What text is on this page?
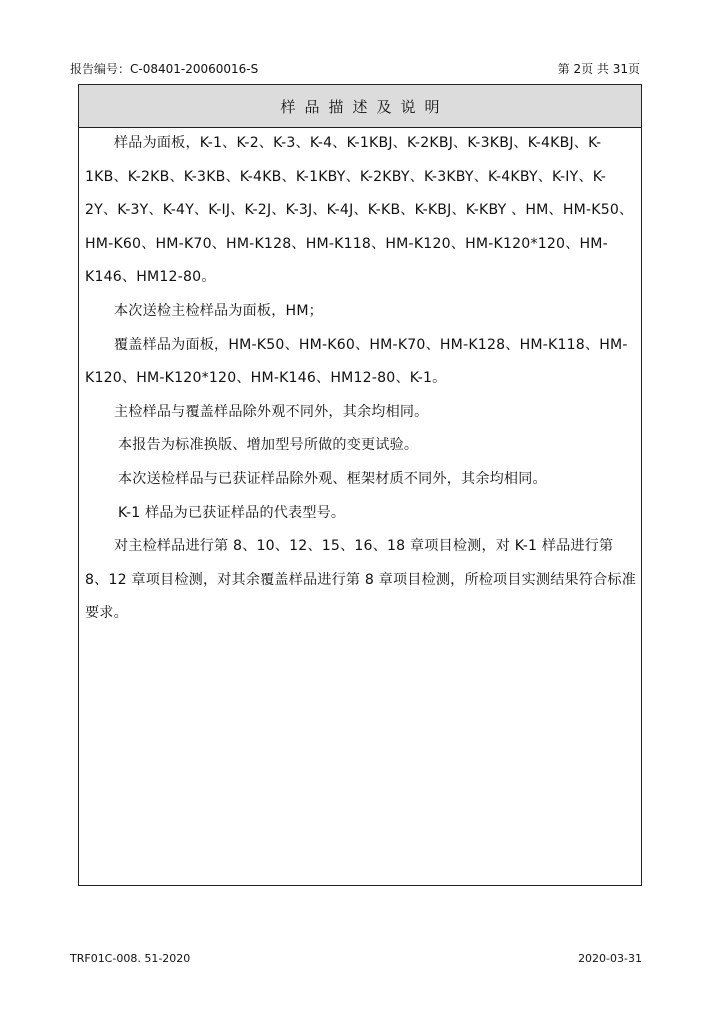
报告编号：C-08401-20060016-S	第 2页 共 31页
样品描述及说明

样品为面板，K-1、K-2、K-3、K-4、K-1KBJ、K-2KBJ、K-3KBJ、K-4KBJ、K-1KB、K-2KB、K-3KB、K-4KB、K-1KBY、K-2KBY、K-3KBY、K-4KBY、K-IY、K-2Y、K-3Y、K-4Y、K-IJ、K-2J、K-3J、K-4J、K-KB、K-KBJ、K-KBY 、HM、HM-K50、HM-K60、HM-K70、HM-K128、HM-K118、HM-K120、HM-K120*120、HM-K146、HM12-80。

本次送检主检样品为面板，HM；

覆盖样品为面板，HM-K50、HM-K60、HM-K70、HM-K128、HM-K118、HM-K120、HM-K120*120、HM-K146、HM12-80、K-1。

主检样品与覆盖样品除外观不同外，其余均相同。

本报告为标准换版、增加型号所做的变更试验。

本次送检样品与已获证样品除外观、框架材质不同外，其余均相同。

K-1 样品为已获证样品的代表型号。

对主检样品进行第 8、10、12、15、16、18 章项目检测，对 K-1 样品进行第 8、12 章项目检测，对其余覆盖样品进行第 8 章项目检测，所检项目实测结果符合标准要求。

TRF01C-008. 51-2020	2020-03-31
